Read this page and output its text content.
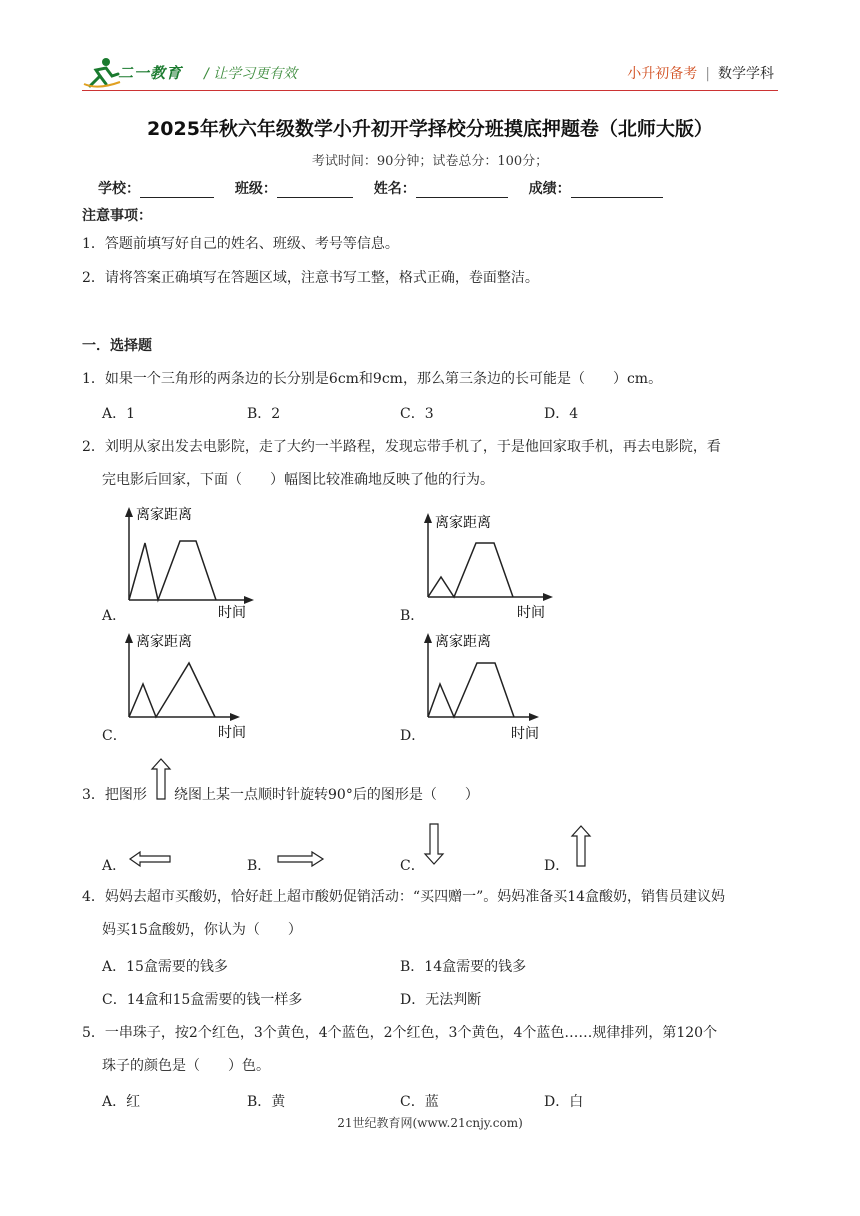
二一教育 / 让学习更有效	小升初备考 | 数学学科
2025年秋六年级数学小升初开学择校分班摸底押题卷（北师大版）
考试时间：90分钟；试卷总分：100分；
学校：	班级：	姓名：	成绩：
注意事项：
1．答题前填写好自己的姓名、班级、考号等信息。
2．请将答案正确填写在答题区域，注意书写工整，格式正确，卷面整洁。
一．选择题
1．如果一个三角形的两条边的长分别是6cm和9cm，那么第三条边的长可能是（　　）cm。
A．1	B．2	C．3	D．4
2．刘明从家出发去电影院，走了大约一半路程，发现忘带手机了，于是他回家取手机，再去电影院，看
完电影后回家，下面（　　）幅图比较准确地反映了他的行为。
A．
离家距离
时间	B．
离家距离
时间
C．
离家距离
时间	D．
离家距离
时间
3．把图形 绕图上某一点顺时针旋转90°后的图形是（　　）
A．	B．	C．	D．
4．妈妈去超市买酸奶，恰好赶上超市酸奶促销活动：“买四赠一”。妈妈准备买14盒酸奶，销售员建议妈
妈买15盒酸奶，你认为（　　）
A．15盒需要的钱多	B．14盒需要的钱多
C．14盒和15盒需要的钱一样多	D．无法判断
5．一串珠子，按2个红色，3个黄色，4个蓝色，2个红色，3个黄色，4个蓝色……规律排列，第120个
珠子的颜色是（　　）色。
A．红	B．黄	C．蓝	D．白
21世纪教育网(www.21cnjy.com)
